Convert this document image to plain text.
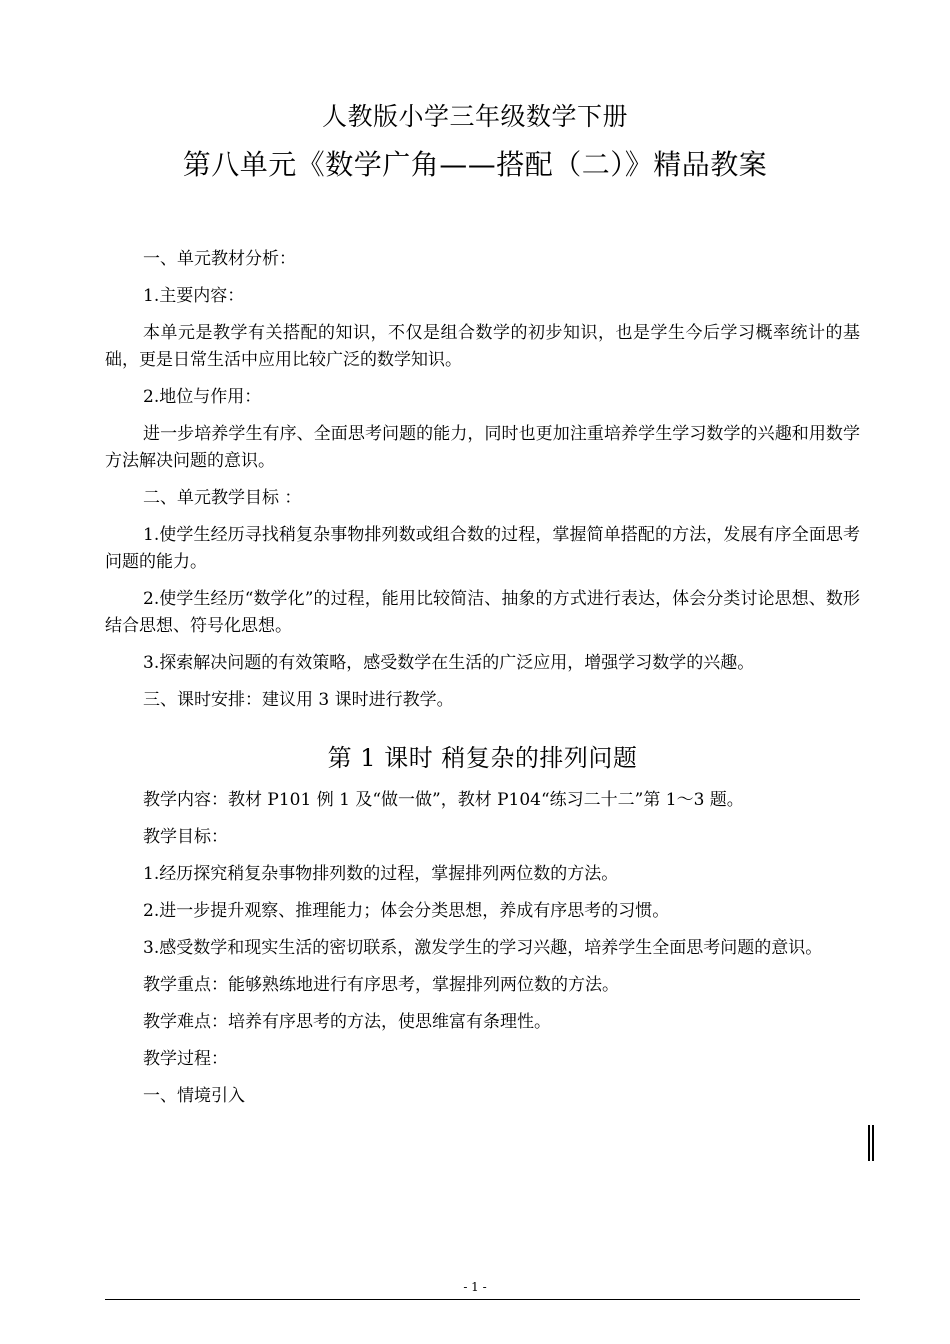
人教版小学三年级数学下册
第八单元《数学广角——搭配（二）》精品教案

一、单元教材分析：

1.主要内容：

本单元是教学有关搭配的知识，不仅是组合数学的初步知识，也是学生今后学习概率统计的基础，更是日常生活中应用比较广泛的数学知识。

2.地位与作用：

进一步培养学生有序、全面思考问题的能力，同时也更加注重培养学生学习数学的兴趣和用数学方法解决问题的意识。

二、单元教学目标 ：

1.使学生经历寻找稍复杂事物排列数或组合数的过程，掌握简单搭配的方法，发展有序全面思考问题的能力。

2.使学生经历“数学化”的过程，能用比较简洁、抽象的方式进行表达，体会分类讨论思想、数形结合思想、符号化思想。

3.探索解决问题的有效策略，感受数学在生活的广泛应用，增强学习数学的兴趣。

三、课时安排：建议用 3 课时进行教学。

第 1 课时 稍复杂的排列问题

教学内容：教材 P101 例 1 及“做一做”，教材 P104“练习二十二”第 1～3 题。

教学目标：

1.经历探究稍复杂事物排列数的过程，掌握排列两位数的方法。

2.进一步提升观察、推理能力；体会分类思想，养成有序思考的习惯。

3.感受数学和现实生活的密切联系，激发学生的学习兴趣，培养学生全面思考问题的意识。

教学重点：能够熟练地进行有序思考，掌握排列两位数的方法。

教学难点：培养有序思考的方法，使思维富有条理性。

教学过程：

一、情境引入

- 1 -
